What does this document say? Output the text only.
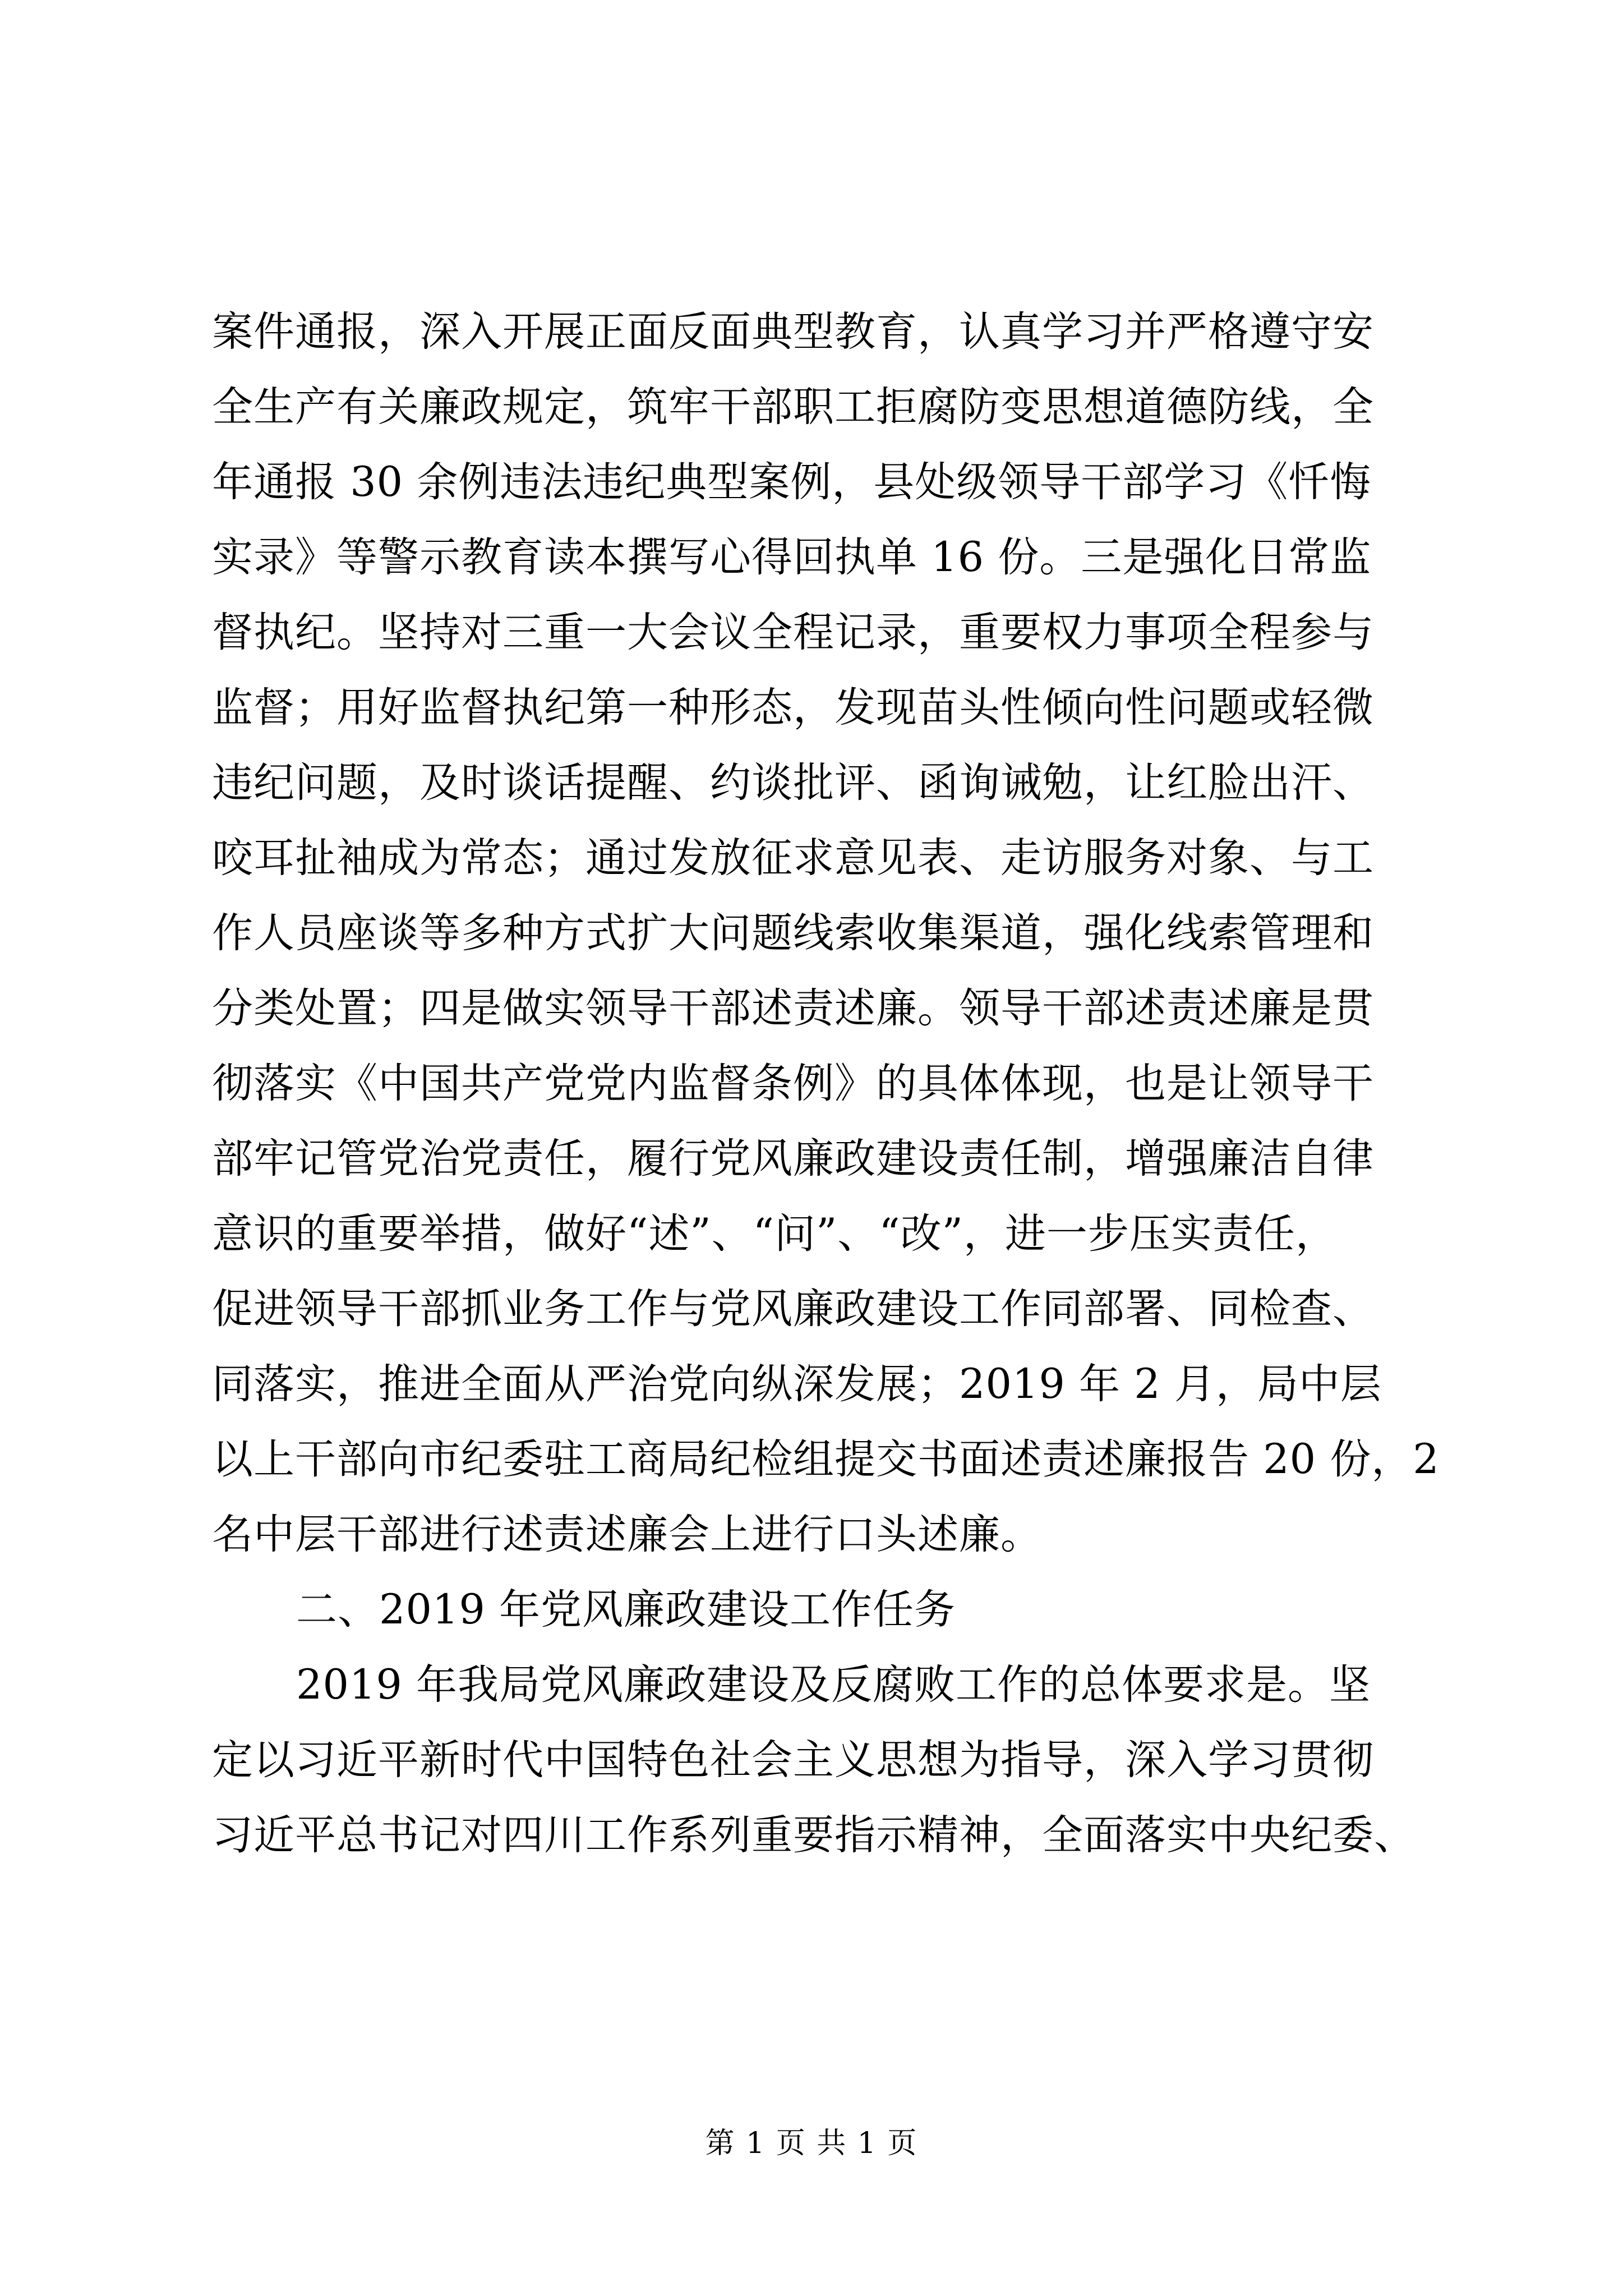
案件通报，深入开展正面反面典型教育，认真学习并严格遵守安
全生产有关廉政规定，筑牢干部职工拒腐防变思想道德防线，全
年通报 30 余例违法违纪典型案例，县处级领导干部学习《忏悔
实录》等警示教育读本撰写心得回执单 16 份。三是强化日常监
督执纪。坚持对三重一大会议全程记录，重要权力事项全程参与
监督；用好监督执纪第一种形态，发现苗头性倾向性问题或轻微
违纪问题，及时谈话提醒、约谈批评、函询诫勉，让红脸出汗、
咬耳扯袖成为常态；通过发放征求意见表、走访服务对象、与工
作人员座谈等多种方式扩大问题线索收集渠道，强化线索管理和
分类处置；四是做实领导干部述责述廉。领导干部述责述廉是贯
彻落实《中国共产党党内监督条例》的具体体现，也是让领导干
部牢记管党治党责任，履行党风廉政建设责任制，增强廉洁自律
意识的重要举措，做好“述”、“问”、“改”，进一步压实责任，
促进领导干部抓业务工作与党风廉政建设工作同部署、同检查、
同落实，推进全面从严治党向纵深发展；2019 年 2 月，局中层
以上干部向市纪委驻工商局纪检组提交书面述责述廉报告 20 份，2
名中层干部进行述责述廉会上进行口头述廉。
二、2019 年党风廉政建设工作任务
2019 年我局党风廉政建设及反腐败工作的总体要求是。坚
定以习近平新时代中国特色社会主义思想为指导，深入学习贯彻
习近平总书记对四川工作系列重要指示精神，全面落实中央纪委、
第 1 页 共 1 页
